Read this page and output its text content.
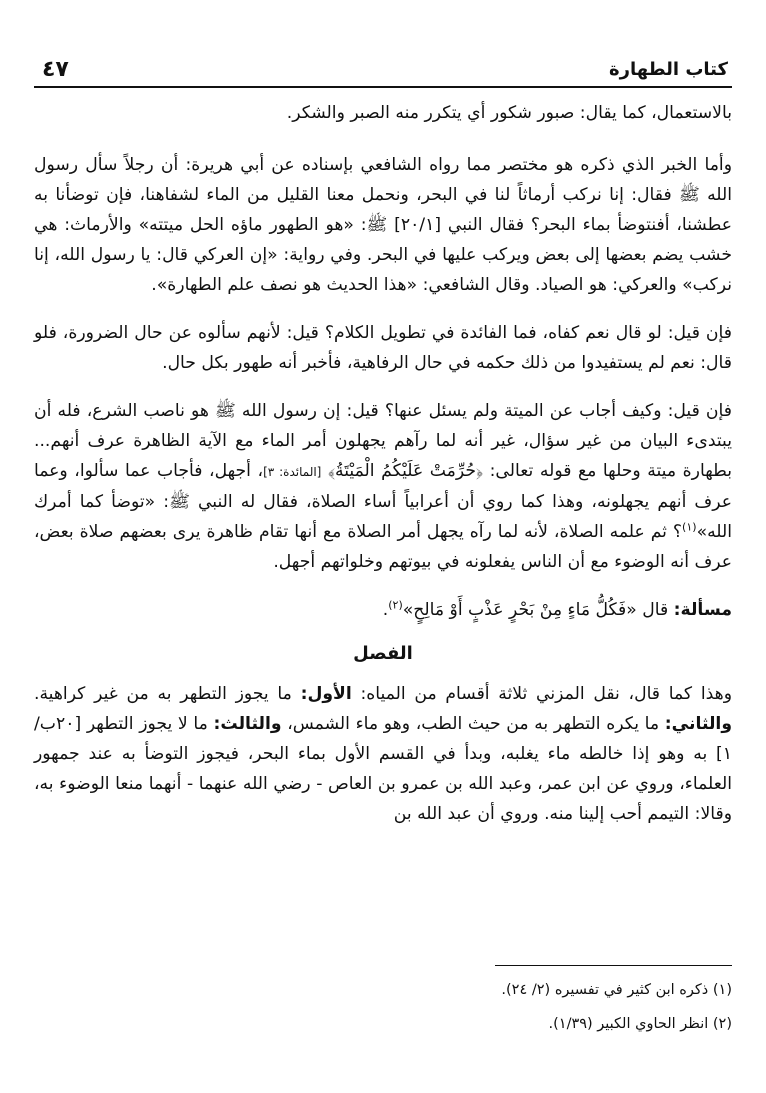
كتاب الطهارة
٤٧

بالاستعمال، كما يقال: صبور شكور أي يتكرر منه الصبر والشكر.

وأما الخبر الذي ذكره هو مختصر مما رواه الشافعي بإسناده عن أبي هريرة: أن رجلاً سأل رسول الله ﷺ فقال: إنا نركب أرماثاً لنا في البحر، ونحمل معنا القليل من الماء لشفاهنا، فإن توضأنا به عطشنا، أفنتوضأ بماء البحر؟ فقال النبي [٢٠/١] ﷺ: «هو الطهور ماؤه الحل ميتته» والأرماث: هي خشب يضم بعضها إلى بعض ويركب عليها في البحر. وفي رواية: «إن العركي قال: يا رسول الله، إنا نركب» والعركي: هو الصياد. وقال الشافعي: «هذا الحديث هو نصف علم الطهارة».

فإن قيل: لو قال نعم كفاه، فما الفائدة في تطويل الكلام؟ قيل: لأنهم سألوه عن حال الضرورة، فلو قال: نعم لم يستفيدوا من ذلك حكمه في حال الرفاهية، فأخبر أنه طهور بكل حال.

فإن قيل: وكيف أجاب عن الميتة ولم يسئل عنها؟ قيل: إن رسول الله ﷺ هو ناصب الشرع، فله أن يبتدىء البيان من غير سؤال، غير أنه لما رآهم يجهلون أمر الماء مع الآية الظاهرة عرف أنهم... بطهارة ميتة وحلها مع قوله تعالى: ﴿حُرِّمَتْ عَلَيْكُمُ الْمَيْتَةُ﴾ [المائدة: ٣]، أجهل، فأجاب عما سألوا، وعما عرف أنهم يجهلونه، وهذا كما روي أن أعرابياً أساء الصلاة، فقال له النبي ﷺ: «توضأ كما أمرك الله»$^{(١)}$؟ ثم علمه الصلاة، لأنه لما رآه يجهل أمر الصلاة مع أنها تقام ظاهرة يرى بعضهم صلاة بعض، عرف أنه الوضوء مع أن الناس يفعلونه في بيوتهم وخلواتهم أجهل.

مسألة: قال «فَكُلُّ مَاءٍ مِنْ بَحْرٍ عَذْبٍ أَوْ مَالِحٍ»$^{(٢)}$.

الفصل

وهذا كما قال، نقل المزني ثلاثة أقسام من المياه: الأول: ما يجوز التطهر به من غير كراهية. والثاني: ما يكره التطهر به من حيث الطب، وهو ماء الشمس، والثالث: ما لا يجوز التطهر [٢٠ب/١] به وهو إذا خالطه ماء يغلبه، وبدأ في القسم الأول بماء البحر، فيجوز التوضأ به عند جمهور العلماء، وروي عن ابن عمر، وعبد الله بن عمرو بن العاص - رضي الله عنهما - أنهما منعا الوضوء به، وقالا: التيمم أحب إلينا منه. وروي أن عبد الله بن

(١) ذكره ابن كثير في تفسيره (٢/ ٢٤).
(٢) انظر الحاوي الكبير (١/٣٩).
